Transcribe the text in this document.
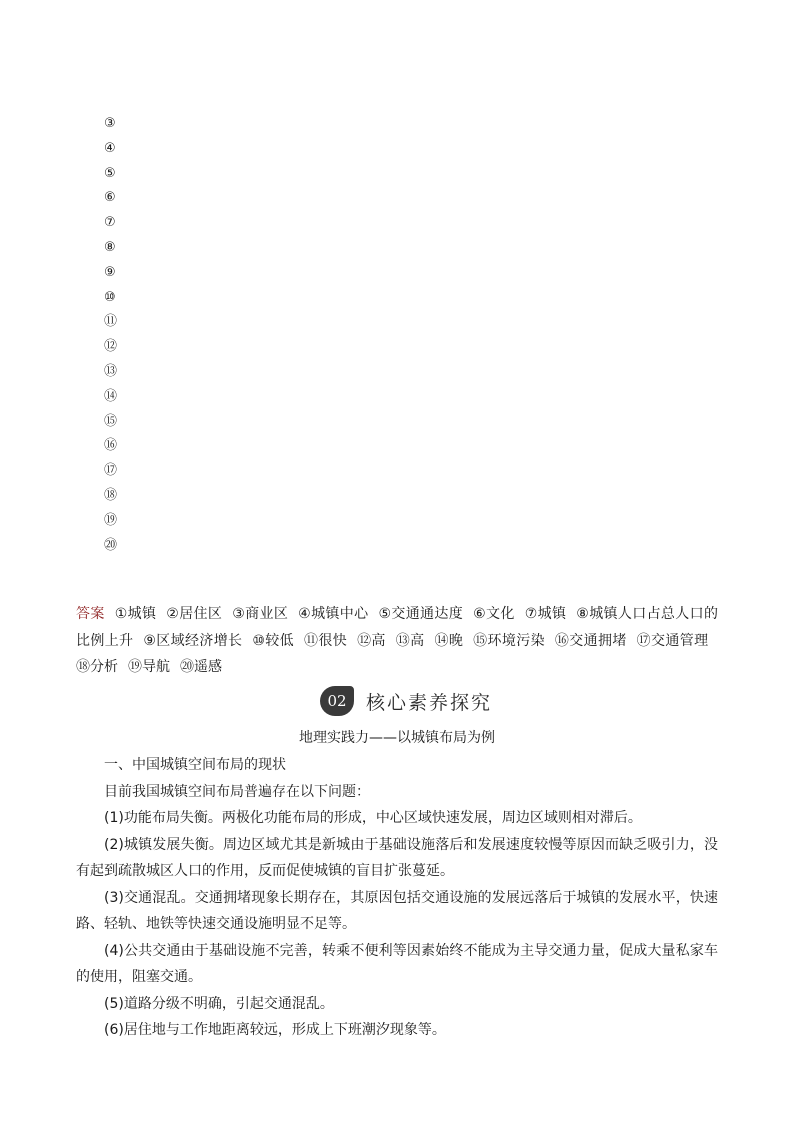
③
④
⑤
⑥
⑦
⑧
⑨
⑩
⑪
⑫
⑬
⑭
⑮
⑯
⑰
⑱
⑲
⑳
答案 ①城镇 ②居住区 ③商业区 ④城镇中心 ⑤交通通达度 ⑥文化 ⑦城镇 ⑧城镇人口占总人口的比例上升 ⑨区域经济增长 ⑩较低 ⑪很快 ⑫高 ⑬高 ⑭晚 ⑮环境污染 ⑯交通拥堵 ⑰交通管理⑱分析 ⑲导航 ⑳遥感
02	核心素养探究
地理实践力——以城镇布局为例

一、中国城镇空间布局的现状

目前我国城镇空间布局普遍存在以下问题：

(1)功能布局失衡。两极化功能布局的形成，中心区域快速发展，周边区域则相对滞后。

(2)城镇发展失衡。周边区域尤其是新城由于基础设施落后和发展速度较慢等原因而缺乏吸引力，没有起到疏散城区人口的作用，反而促使城镇的盲目扩张蔓延。

(3)交通混乱。交通拥堵现象长期存在，其原因包括交通设施的发展远落后于城镇的发展水平，快速路、轻轨、地铁等快速交通设施明显不足等。

(4)公共交通由于基础设施不完善，转乘不便利等因素始终不能成为主导交通力量，促成大量私家车的使用，阻塞交通。

(5)道路分级不明确，引起交通混乱。

(6)居住地与工作地距离较远，形成上下班潮汐现象等。
